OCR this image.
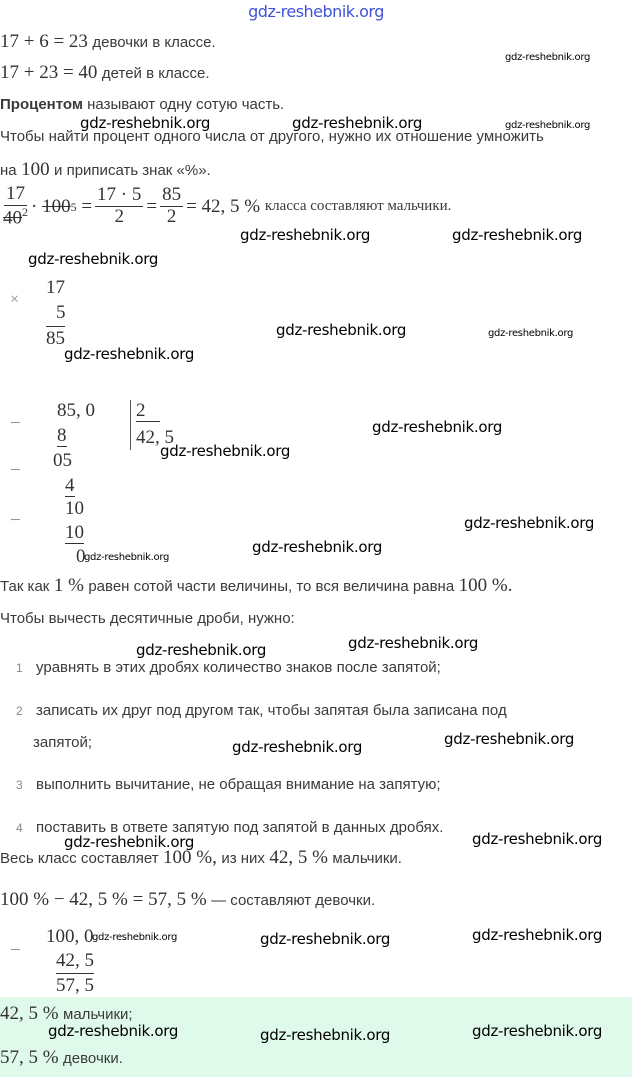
gdz-reshebnik.org
17 + 6 = 23 девочки в классе.
17 + 23 = 40 детей в классе.
Процентом называют одну сотую часть.
Чтобы найти процент одного числа от другого, нужно их отношение умножить
на 100 и приписать знак «%».
$\frac{17}{40^2}$ ·
100 5
= $\frac{17 \cdot 5}{2} = \frac{85}{2} = 42$, 5 %
класса составляют мальчики.
×
17
5
85
−
85, 0
8
2
42, 5
05
−
4
10
−
10
0
Так как 1 % равен сотой части величины, то вся величина равна 100 %.
Чтобы вычесть десятичные дроби, нужно:
1 уравнять в этих дробях количество знаков после запятой;
2 записать их друг под другом так, чтобы запятая была записана под
запятой;
3 выполнить вычитание, не обращая внимание на запятую;
4 поставить в ответе запятую под запятой в данных дробях.
Весь класс составляет 100 %, из них 42, 5 % мальчики.
100 % − 42, 5 % = 57, 5 % — составляют девочки.
−
100, 0
42, 5
57, 5
42, 5 % мальчики;
57, 5 % девочки.
gdz-reshebnik.org
gdz-reshebnik.org	gdz-reshebnik.org	gdz-reshebnik.org
gdz-reshebnik.org	gdz-reshebnik.org
gdz-reshebnik.org
gdz-reshebnik.org	gdz-reshebnik.org
gdz-reshebnik.org
gdz-reshebnik.org
gdz-reshebnik.org
gdz-reshebnik.org
gdz-reshebnik.org
gdz-reshebnik.org
gdz-reshebnik.org
gdz-reshebnik.org
gdz-reshebnik.org
gdz-reshebnik.org
gdz-reshebnik.org
gdz-reshebnik.org
gdz-reshebnik.org	gdz-reshebnik.org
gdz-reshebnik.org
gdz-reshebnik.org	gdz-reshebnik.org
gdz-reshebnik.org
